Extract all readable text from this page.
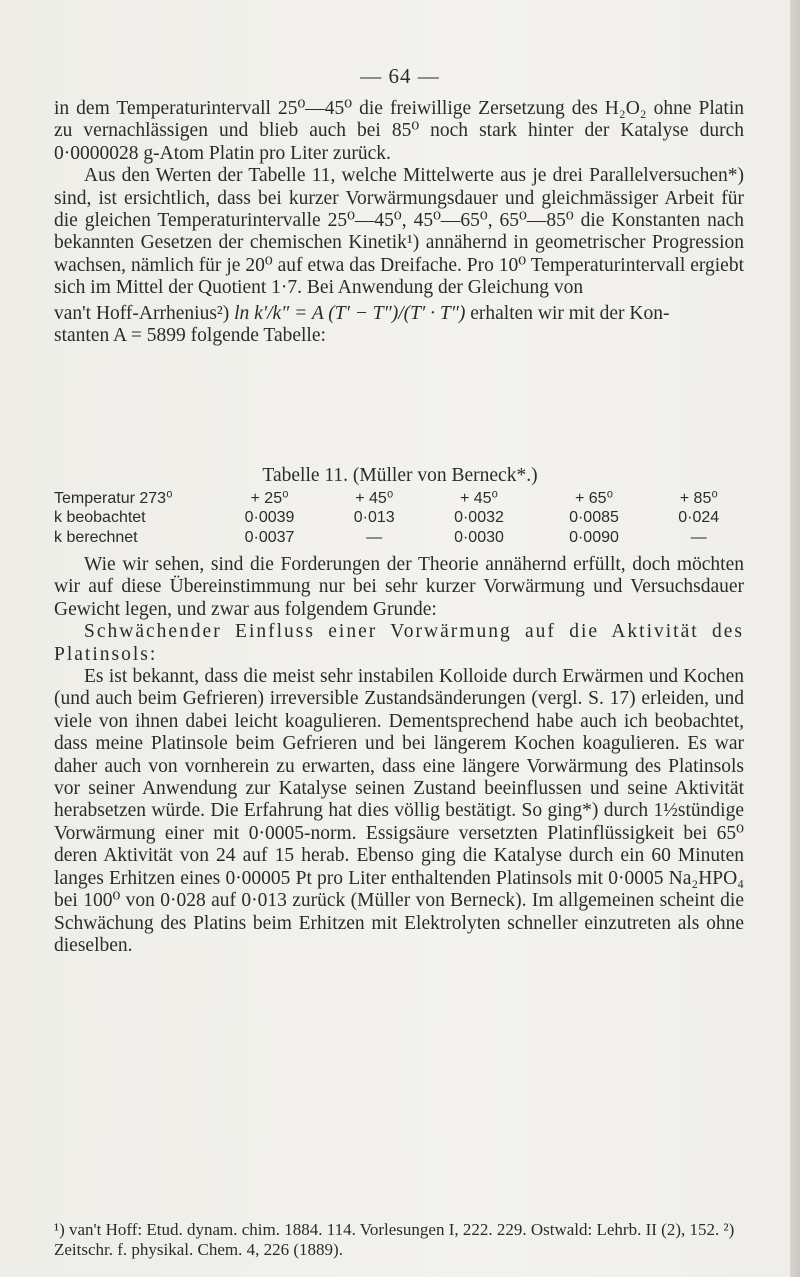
— 64 —

in dem Temperaturintervall 25⁰—45⁰ die freiwillige Zersetzung des H₂O₂ ohne Platin zu vernachlässigen und blieb auch bei 85⁰ noch stark hinter der Katalyse durch 0·0000028 g-Atom Platin pro Liter zurück.

Aus den Werten der Tabelle 11, welche Mittelwerte aus je drei Parallelversuchen*) sind, ist ersichtlich, dass bei kurzer Vorwärmungsdauer und gleichmässiger Arbeit für die gleichen Temperaturintervalle 25⁰—45⁰, 45⁰—65⁰, 65⁰—85⁰ die Konstanten nach bekannten Gesetzen der chemischen Kinetik¹) annähernd in geometrischer Progression wachsen, nämlich für je 20⁰ auf etwa das Dreifache. Pro 10⁰ Temperaturintervall ergiebt sich im Mittel der Quotient 1·7. Bei Anwendung der Gleichung von

van't Hoff-Arrhenius²) ln k′/k″ = A (T′ − T″)/(T′ · T″) erhalten wir mit der Kon-

stanten A = 5899 folgende Tabelle:

Tabelle 11. (Müller von Berneck*.)
Temperatur 273⁰	+ 25⁰	+ 45⁰	+ 45⁰	+ 65⁰	+ 85⁰
k beobachtet	0·0039	0·013	0·0032	0·0085	0·024
k berechnet	0·0037	—	0·0030	0·0090	—

Wie wir sehen, sind die Forderungen der Theorie annähernd erfüllt, doch möchten wir auf diese Übereinstimmung nur bei sehr kurzer Vorwärmung und Versuchsdauer Gewicht legen, und zwar aus folgendem Grunde:

Schwächender Einfluss einer Vorwärmung auf die Aktivität des Platinsols:

Es ist bekannt, dass die meist sehr instabilen Kolloide durch Erwärmen und Kochen (und auch beim Gefrieren) irreversible Zustandsänderungen (vergl. S. 17) erleiden, und viele von ihnen dabei leicht koagulieren. Dementsprechend habe auch ich beobachtet, dass meine Platinsole beim Gefrieren und bei längerem Kochen koagulieren. Es war daher auch von vornherein zu erwarten, dass eine längere Vorwärmung des Platinsols vor seiner Anwendung zur Katalyse seinen Zustand beeinflussen und seine Aktivität herabsetzen würde. Die Erfahrung hat dies völlig bestätigt. So ging*) durch 1½stündige Vorwärmung einer mit 0·0005-norm. Essigsäure versetzten Platinflüssigkeit bei 65⁰ deren Aktivität von 24 auf 15 herab. Ebenso ging die Katalyse durch ein 60 Minuten langes Erhitzen eines 0·00005 Pt pro Liter enthaltenden Platinsols mit 0·0005 Na₂HPO₄ bei 100⁰ von 0·028 auf 0·013 zurück (Müller von Berneck). Im allgemeinen scheint die Schwächung des Platins beim Erhitzen mit Elektrolyten schneller einzutreten als ohne dieselben.

¹) van't Hoff: Etud. dynam. chim. 1884. 114. Vorlesungen I, 222. 229. Ostwald: Lehrb. II (2), 152. ²) Zeitschr. f. physikal. Chem. 4, 226 (1889).
